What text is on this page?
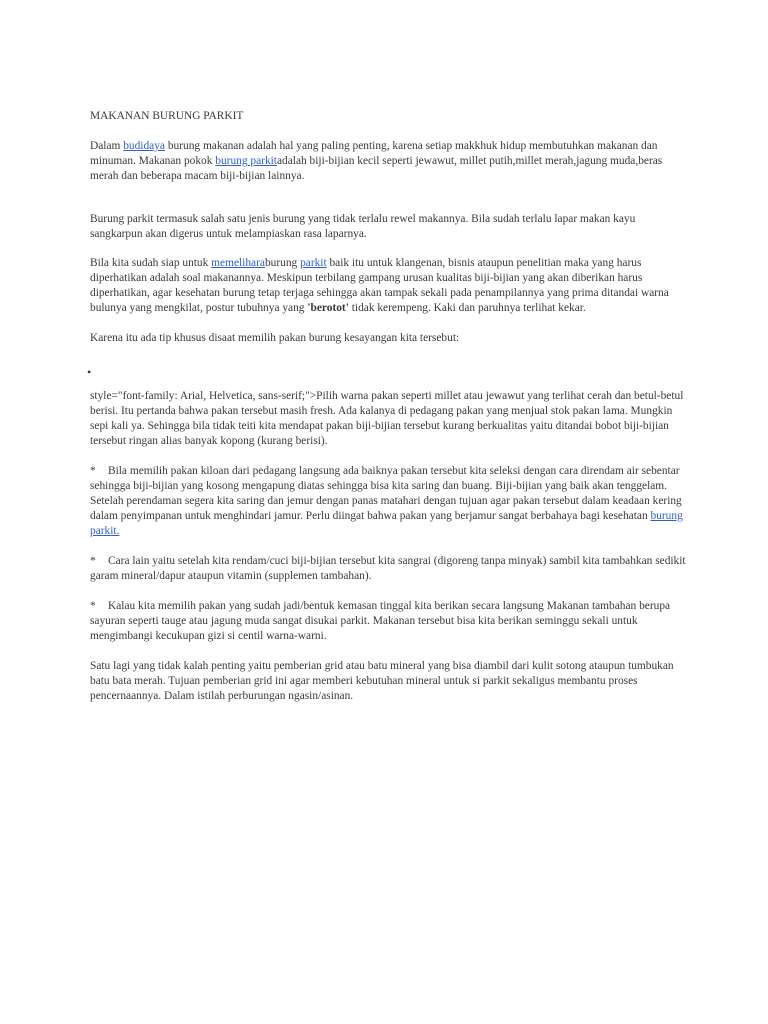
MAKANAN BURUNG PARKIT

Dalam budidaya burung makanan adalah hal yang paling penting, karena setiap makkhuk hidup membutuhkan makanan dan minuman. Makanan pokok burung parkitadalah biji-bijian kecil seperti jewawut, millet putih,millet merah,jagung muda,beras merah dan beberapa macam biji-bijian lainnya.

Burung parkit termasuk salah satu jenis burung yang tidak terlalu rewel makannya. Bila sudah terlalu lapar makan kayu sangkarpun akan digerus untuk melampiaskan rasa laparnya.

Bila kita sudah siap untuk memeliharaburung parkit baik itu untuk klangenan, bisnis ataupun penelitian maka yang harus diperhatikan adalah soal makanannya. Meskipun terbilang gampang urusan kualitas biji-bijian yang akan diberikan harus diperhatikan, agar kesehatan burung tetap terjaga sehingga akan tampak sekali pada penampilannya yang prima ditandai warna bulunya yang mengkilat, postur tubuhnya yang 'berotot' tidak kerempeng. Kaki dan paruhnya terlihat kekar.

Karena itu ada tip khusus disaat memilih pakan burung kesayangan kita tersebut:

•

style="font-family: Arial, Helvetica, sans-serif;">Pilih warna pakan seperti millet atau jewawut yang terlihat cerah dan betul-betul berisi. Itu pertanda bahwa pakan tersebut masih fresh. Ada kalanya di pedagang pakan yang menjual stok pakan lama. Mungkin sepi kali ya. Sehingga bila tidak teiti kita mendapat pakan biji-bijian tersebut kurang berkualitas yaitu ditandai bobot biji-bijian tersebut ringan alias banyak kopong (kurang berisi).

* Bila memilih pakan kiloan dari pedagang langsung ada baiknya pakan tersebut kita seleksi dengan cara direndam air sebentar sehingga biji-bijian yang kosong mengapung diatas sehingga bisa kita saring dan buang. Biji-bijian yang baik akan tenggelam. Setelah perendaman segera kita saring dan jemur dengan panas matahari dengan tujuan agar pakan tersebut dalam keadaan kering dalam penyimpanan untuk menghindari jamur. Perlu diingat bahwa pakan yang berjamur sangat berbahaya bagi kesehatan burung parkit.

* Cara lain yaitu setelah kita rendam/cuci biji-bijian tersebut kita sangrai (digoreng tanpa minyak) sambil kita tambahkan sedikit garam mineral/dapur ataupun vitamin (supplemen tambahan).

* Kalau kita memilih pakan yang sudah jadi/bentuk kemasan tinggal kita berikan secara langsung Makanan tambahan berupa sayuran seperti tauge atau jagung muda sangat disukai parkit. Makanan tersebut bisa kita berikan seminggu sekali untuk mengimbangi kecukupan gizi si centil warna-warni.

Satu lagi yang tidak kalah penting yaitu pemberian grid atau batu mineral yang bisa diambil dari kulit sotong ataupun tumbukan batu bata merah. Tujuan pemberian grid ini agar memberi kebutuhan mineral untuk si parkit sekaligus membantu proses pencernaannya. Dalam istilah perburungan ngasin/asinan.
